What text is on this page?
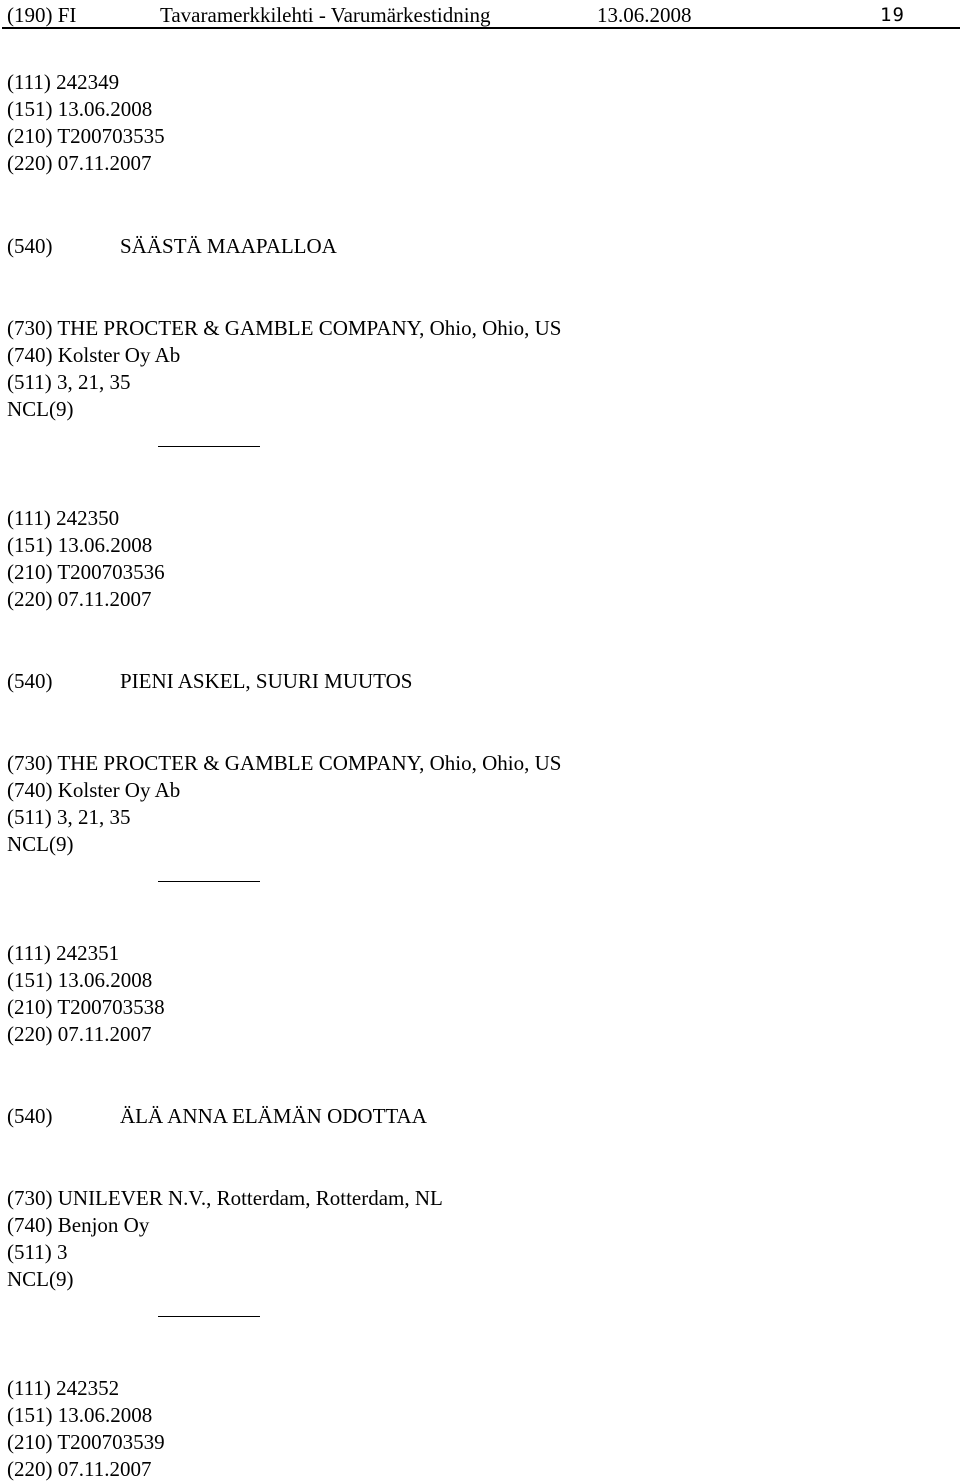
(190) FI	Tavaramerkkilehti - Varumärkestidning	13.06.2008	19
(111) 242349
(151) 13.06.2008
(210) T200703535
(220) 07.11.2007
(540)	SÄÄSTÄ MAAPALLOA
(730) THE PROCTER & GAMBLE COMPANY, Ohio, Ohio, US
(740) Kolster Oy Ab
(511) 3, 21, 35
NCL(9)
(111) 242350
(151) 13.06.2008
(210) T200703536
(220) 07.11.2007
(540)	PIENI ASKEL, SUURI MUUTOS
(730) THE PROCTER & GAMBLE COMPANY, Ohio, Ohio, US
(740) Kolster Oy Ab
(511) 3, 21, 35
NCL(9)
(111) 242351
(151) 13.06.2008
(210) T200703538
(220) 07.11.2007
(540)	ÄLÄ ANNA ELÄMÄN ODOTTAA
(730) UNILEVER N.V., Rotterdam, Rotterdam, NL
(740) Benjon Oy
(511) 3
NCL(9)
(111) 242352
(151) 13.06.2008
(210) T200703539
(220) 07.11.2007
